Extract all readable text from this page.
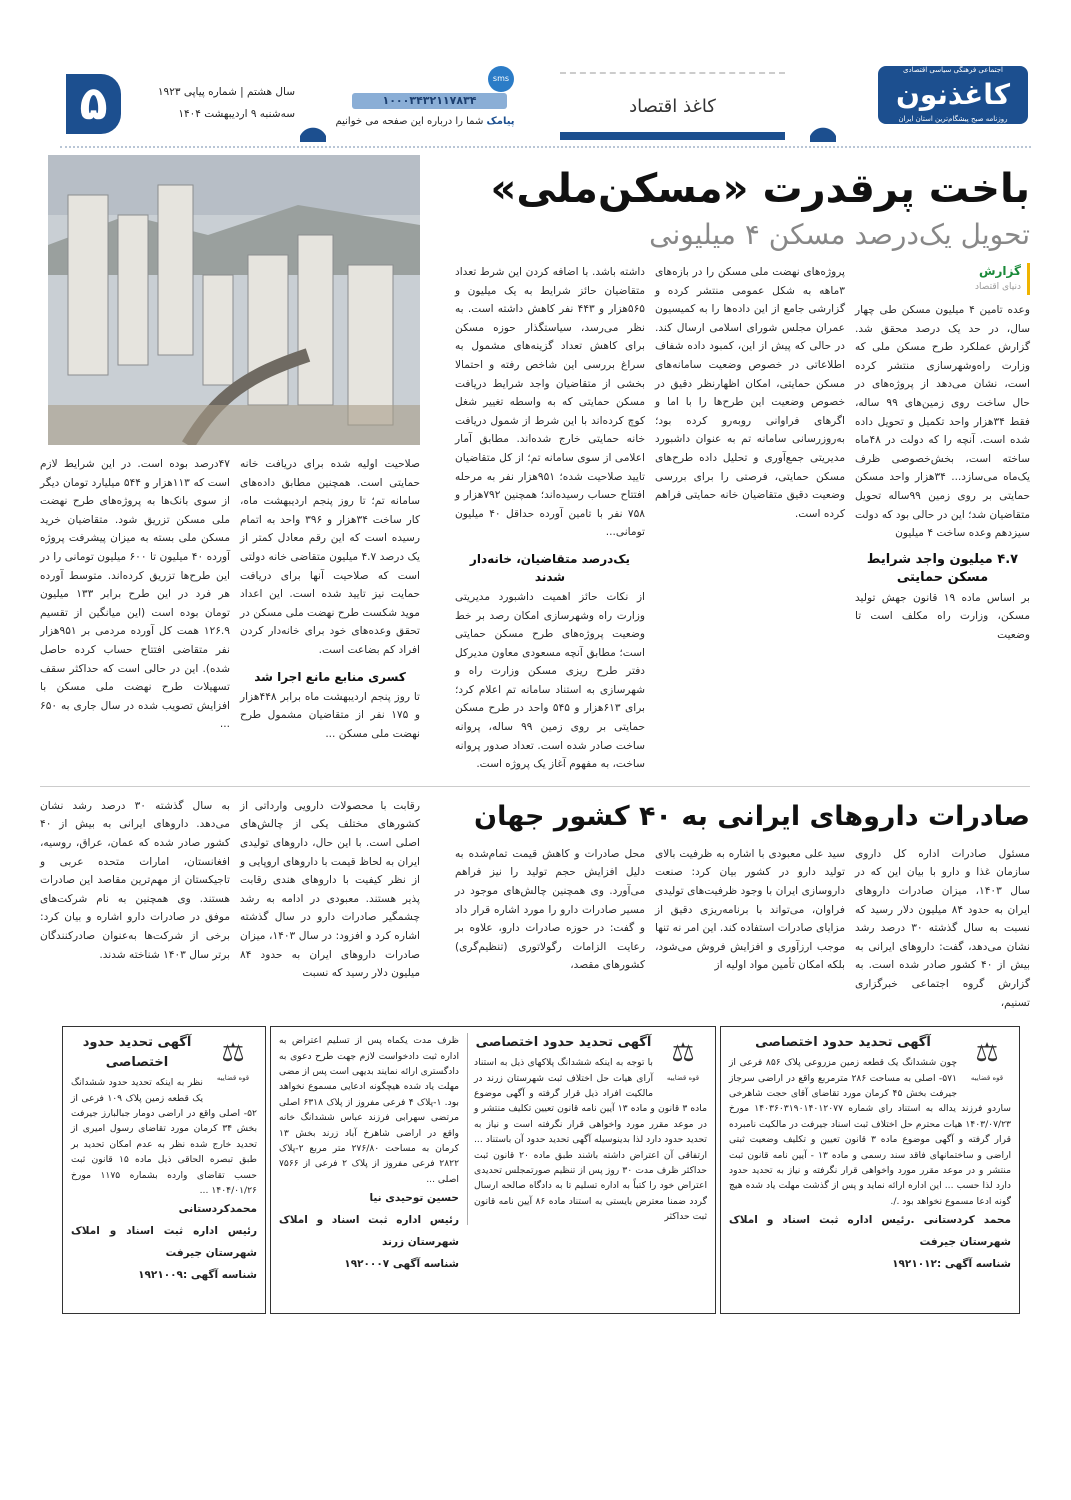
اجتماعی فرهنگی سیاسی اقتصادی
کاغذنون
روزنامه صبح پیشگام‌ترین استان ایران
کاغذ اقتصاد
sms
۱۰۰۰۳۴۳۲۱۱۷۸۳۴
پیامک شما را درباره این صفحه می خوانیم
سال هشتم | شماره پیاپی ۱۹۲۳
سه‌شنبه ۹ اردیبهشت ۱۴۰۴
۵
باخت پرقدرت «مسکن‌ملی»
تحویل یک‌درصد مسکن ۴ میلیونی
گزارش
دنیای اقتصاد

وعده تامین ۴ میلیون مسکن طی چهار سال، در حد یک درصد محقق شد. گزارش عملکرد طرح مسکن ملی که وزارت راه‌وشهرسازی منتشر کرده است، نشان می‌دهد از پروژه‌های در حال ساخت روی زمین‌های ۹۹ ساله، فقط ۳۴هزار واحد تکمیل و تحویل داده شده است. آنچه را که دولت در ۴۸ماه ساخته است، بخش‌خصوصی ظرف یک‌ماه می‌سازد... ۳۴هزار واحد مسکن حمایتی بر روی زمین ۹۹ساله تحویل متقاضیان شد؛ این در حالی بود که دولت سیزدهم وعده ساخت ۴ میلیون

۴.۷ میلیون واجد شرایط مسکن حمایتی

بر اساس ماده ۱۹ قانون جهش تولید مسکن، وزارت راه مکلف است تا وضعیت

پروژه‌های نهضت ملی مسکن را در بازه‌های ۳ماهه به شکل عمومی منتشر کرده و گزارشی جامع از این داده‌ها را به کمیسیون عمران مجلس شورای اسلامی ارسال کند. در حالی که پیش از این، کمبود داده شفاف اطلاعاتی در خصوص وضعیت سامانه‌های مسکن حمایتی، امکان اظهارنظر دقیق در خصوص وضعیت این طرح‌ها را با اما و اگرهای فراوانی روبه‌رو کرده بود؛ به‌روزرسانی سامانه تم به عنوان داشبورد مدیریتی جمع‌آوری و تحلیل داده طرح‌های مسکن حمایتی، فرصتی را برای بررسی وضعیت دقیق متقاضیان خانه حمایتی فراهم کرده است.

داشته باشد. با اضافه کردن این شرط تعداد متقاضیان حائز شرایط به یک میلیون و ۵۶۵هزار و ۴۴۳ نفر کاهش داشته است. به نظر می‌رسد، سیاستگذار حوزه مسکن برای کاهش تعداد گزینه‌های مشمول به سراغ بررسی این شاخص رفته و احتمالا بخشی از متقاضیان واجد شرایط دریافت مسکن حمایتی که به واسطه تغییر شغل کوچ کرده‌اند با این شرط از شمول دریافت خانه حمایتی خارج شده‌اند. مطابق آمار اعلامی از سوی سامانه تم؛ از کل متقاضیان تایید صلاحیت شده؛ ۹۵۱هزار نفر به مرحله افتتاح حساب رسیده‌اند؛ همچنین ۷۹۲هزار و ۷۵۸ نفر با تامین آورده حداقل ۴۰ میلیون تومانی...

یک‌درصد متقاضیان، خانه‌دار شدند

از نکات حائز اهمیت داشبورد مدیریتی وزارت راه وشهرسازی امکان رصد بر خط وضعیت پروژه‌های طرح مسکن حمایتی است؛ مطابق آنچه مسعودی معاون مدیرکل دفتر طرح ریزی مسکن وزارت راه و شهرسازی به استناد سامانه تم اعلام کرد؛ برای ۶۱۳هزار و ۵۴۵ واحد در طرح مسکن حمایتی بر روی زمین ۹۹ ساله، پروانه ساخت صادر شده است. تعداد صدور پروانه ساخت، به مفهوم آغاز یک پروژه است.

صلاحیت اولیه شده برای دریافت خانه حمایتی است. همچنین مطابق داده‌های سامانه تم؛ تا روز پنجم اردیبهشت ماه، کار ساخت ۳۴هزار و ۳۹۶ واحد به اتمام رسیده است که این رقم معادل کمتر از یک درصد ۴.۷ میلیون متقاضی خانه دولتی است که صلاحیت آنها برای دریافت حمایت نیز تایید شده است. این اعداد موید شکست طرح نهضت ملی مسکن در تحقق وعده‌های خود برای خانه‌دار کردن افراد کم بضاعت است.

کسری منابع مانع اجرا شد

تا روز پنجم اردیبهشت ماه برابر ۴۴۸هزار و ۱۷۵ نفر از متقاضیان مشمول طرح نهضت ملی مسکن ...

۴۷درصد بوده است. در این شرایط لازم است که ۱۱۳هزار و ۵۴۴ میلیارد تومان دیگر از سوی بانک‌ها به پروژه‌های طرح نهضت ملی مسکن تزریق شود. متقاضیان خرید مسکن ملی بسته به میزان پیشرفت پروژه آورده ۴۰ میلیون تا ۶۰۰ میلیون تومانی را در این طرح‌ها تزریق کرده‌اند. متوسط آورده هر فرد در این طرح برابر ۱۳۳ میلیون تومان بوده است (این میانگین از تقسیم ۱۲۶.۹ همت کل آورده مردمی بر ۹۵۱هزار نفر متقاضی افتتاح حساب کرده حاصل شده). این در حالی است که حداکثر سقف تسهیلات طرح نهضت ملی مسکن با افزایش تصویب شده در سال جاری به ۶۵۰ ...

صادرات داروهای ایرانی به ۴۰ کشور جهان

مسئول صادرات اداره کل داروی سازمان غذا و دارو با بیان این که در سال ۱۴۰۳، میزان صادرات داروهای ایران به حدود ۸۴ میلیون دلار رسید که نسبت به سال گذشته ۳۰ درصد رشد نشان می‌دهد، گفت: داروهای ایرانی به بیش از ۴۰ کشور صادر شده است. به گزارش گروه اجتماعی خبرگزاری تسنیم،

سید علی معبودی با اشاره به ظرفیت بالای تولید دارو در کشور بیان کرد: صنعت داروسازی ایران با وجود ظرفیت‌های تولیدی فراوان، می‌تواند با برنامه‌ریزی دقیق از مزایای صادرات استفاده کند. این امر نه تنها موجب ارزآوری و افزایش فروش می‌شود، بلکه امکان تأمین مواد اولیه از

محل صادرات و کاهش قیمت تمام‌شده به دلیل افزایش حجم تولید را نیز فراهم می‌آورد. وی همچنین چالش‌های موجود در مسیر صادرات دارو را مورد اشاره قرار داد و گفت: در حوزه صادرات دارو، علاوه بر رعایت الزامات رگولاتوری (تنظیم‌گری) کشورهای مقصد،

رقابت با محصولات دارویی وارداتی از کشورهای مختلف یکی از چالش‌های اصلی است. با این حال، داروهای تولیدی ایران به لحاظ قیمت با داروهای اروپایی و از نظر کیفیت با داروهای هندی رقابت پذیر هستند. معبودی در ادامه به رشد چشمگیر صادرات دارو در سال گذشته اشاره کرد و افزود: در سال ۱۴۰۳، میزان صادرات داروهای ایران به حدود ۸۴ میلیون دلار رسید که نسبت

به سال گذشته ۳۰ درصد رشد نشان می‌دهد. داروهای ایرانی به بیش از ۴۰ کشور صادر شده که عمان، عراق، روسیه، افغانستان، امارات متحده عربی و تاجیکستان از مهم‌ترین مقاصد این صادرات هستند. وی همچنین به نام شرکت‌های موفق در صادرات دارو اشاره و بیان کرد: برخی از شرکت‌ها به‌عنوان صادرکنندگان برتر سال ۱۴۰۳ شناخته شدند.

⚖
قوه قضاییه
آگهی تحدید حدود اختصاصی

چون ششدانگ یک قطعه زمین مزروعی پلاک ۸۵۶ فرعی از ۵۷۱- اصلی به مساحت ۲۸۶ مترمربع واقع در اراضی سرجاز جیرفت بخش ۴۵ کرمان مورد تقاضای آقای حجت شاهرخی ساردو فرزند یداله به استناد رای شماره ۱۴۰۳۶۰۳۱۹۰۱۴۰۱۲۰۷۷ مورخ ۱۴۰۳/۰۷/۲۳ هیات محترم حل اختلاف ثبت اسناد جیرفت در مالکیت نامبرده قرار گرفته و آگهی موضوع ماده ۳ قانون تعیین و تکلیف وضعیت ثبتی اراضی و ساختمانهای فاقد سند رسمی و ماده ۱۳ - آیین نامه قانون ثبت منتشر و در موعد مقرر مورد واخواهی قرار نگرفته و نیاز به تحدید حدود دارد لذا حسب ... این اداره ارائه نماید و پس از گذشت مهلت یاد شده هیچ گونه ادعا مسموع نخواهد بود ./.

محمد کردستانی .رئیس اداره ثبت اسناد و املاک شهرستان جیرفت
شناسه آگهی :۱۹۲۱۰۱۲
⚖
قوه قضاییه
آگهی تحدید حدود اختصاصی

با توجه به اینکه ششدانگ پلاکهای ذیل به استناد آرای هیات حل اختلاف ثبت شهرستان زرند در مالکیت افراد ذیل قرار گرفته و آگهی موضوع ماده ۳ قانون و ماده ۱۳ آیین نامه قانون تعیین تکلیف منتشر و در موعد مقرر مورد واخواهی قرار نگرفته است و نیاز به تحدید حدود دارد لذا بدینوسیله آگهی تحدید حدود آن باستناد ... ارتفاقی آن اعتراض داشته باشند طبق ماده ۲۰ قانون ثبت حداکثر ظرف مدت ۳۰ روز پس از تنظیم صورتمجلس تحدیدی اعتراض خود را کتباً به اداره تسلیم تا به دادگاه صالحه ارسال گردد ضمنا معترض بایستی به استناد ماده ۸۶ آیین نامه قانون ثبت حداکثر

ظرف مدت یکماه پس از تسلیم اعتراض به اداره ثبت دادخواست لازم جهت طرح دعوی به دادگستری ارائه نمایند بدیهی است پس از مضی مهلت یاد شده هیچگونه ادعایی مسموع نخواهد بود. ۱-پلاک ۴ فرعی مفروز از پلاک ۶۳۱۸ اصلی مرتضی سهرابی فرزند عباس ششدانگ خانه واقع در اراضی شاهرخ آباد زرند بخش ۱۳ کرمان به مساحت ۲۷۶/۸۰ متر مربع ۲-پلاک ۲۸۲۲ فرعی مفروز از پلاک ۲ فرعی از ۷۵۶۶ اصلی ...

حسین توحیدی نیا
رئیس اداره ثبت اسناد و املاک شهرستان زرند
شناسه آگهی ۱۹۲۰۰۰۷
⚖
قوه قضاییه
آگهی تحدید حدود اختصاصی

نظر به اینکه تحدید حدود ششدانگ یک قطعه زمین پلاک ۱۰۹ فرعی از ۵۲- اصلی واقع در اراضی دومار جبالبارز جیرفت بخش ۳۴ کرمان مورد تقاضای رسول امیری از تحدید خارج شده نظر به عدم امکان تحدید بر طبق تبصره الحاقی ذیل ماده ۱۵ قانون ثبت حسب تقاضای وارده بشماره ۱۱۷۵ مورخ ۱۴۰۴/۰۱/۲۶ ...

محمدکردستانی
رئیس اداره ثبت اسناد و املاک شهرستان جیرفت
شناسه آگهی :۱۹۲۱۰۰۹
